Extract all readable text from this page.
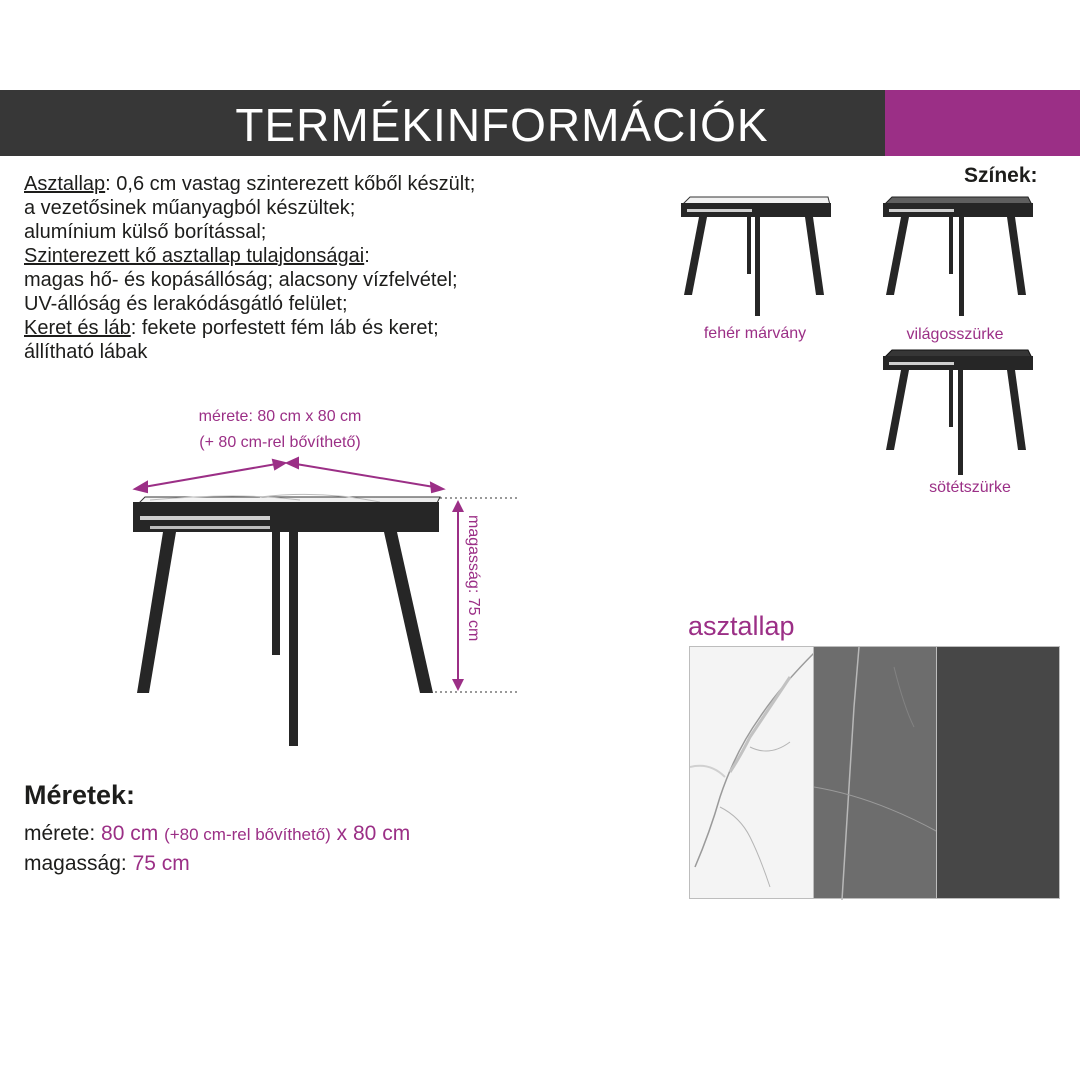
TERMÉKINFORMÁCIÓK
Asztallap: 0,6 cm vastag szinterezett kőből készült;
a vezetősinek műanyagból készültek;
alumínium külső borítással;
Szinterezett kő asztallap tulajdonságai:
magas hő- és kopásállóság; alacsony vízfelvétel;
UV-állóság és lerakódásgátló felület;
Keret és láb: fekete porfestett fém láb és keret;
állítható lábak
mérete: 80 cm x 80 cm
(+ 80 cm-rel bővíthető)
magasság: 75 cm
Színek:
fehér márvány	világosszürke
sötétszürke
Méretek:
mérete: 80 cm (+80 cm-rel bővíthető) x 80 cm
magasság: 75 cm
asztallap
